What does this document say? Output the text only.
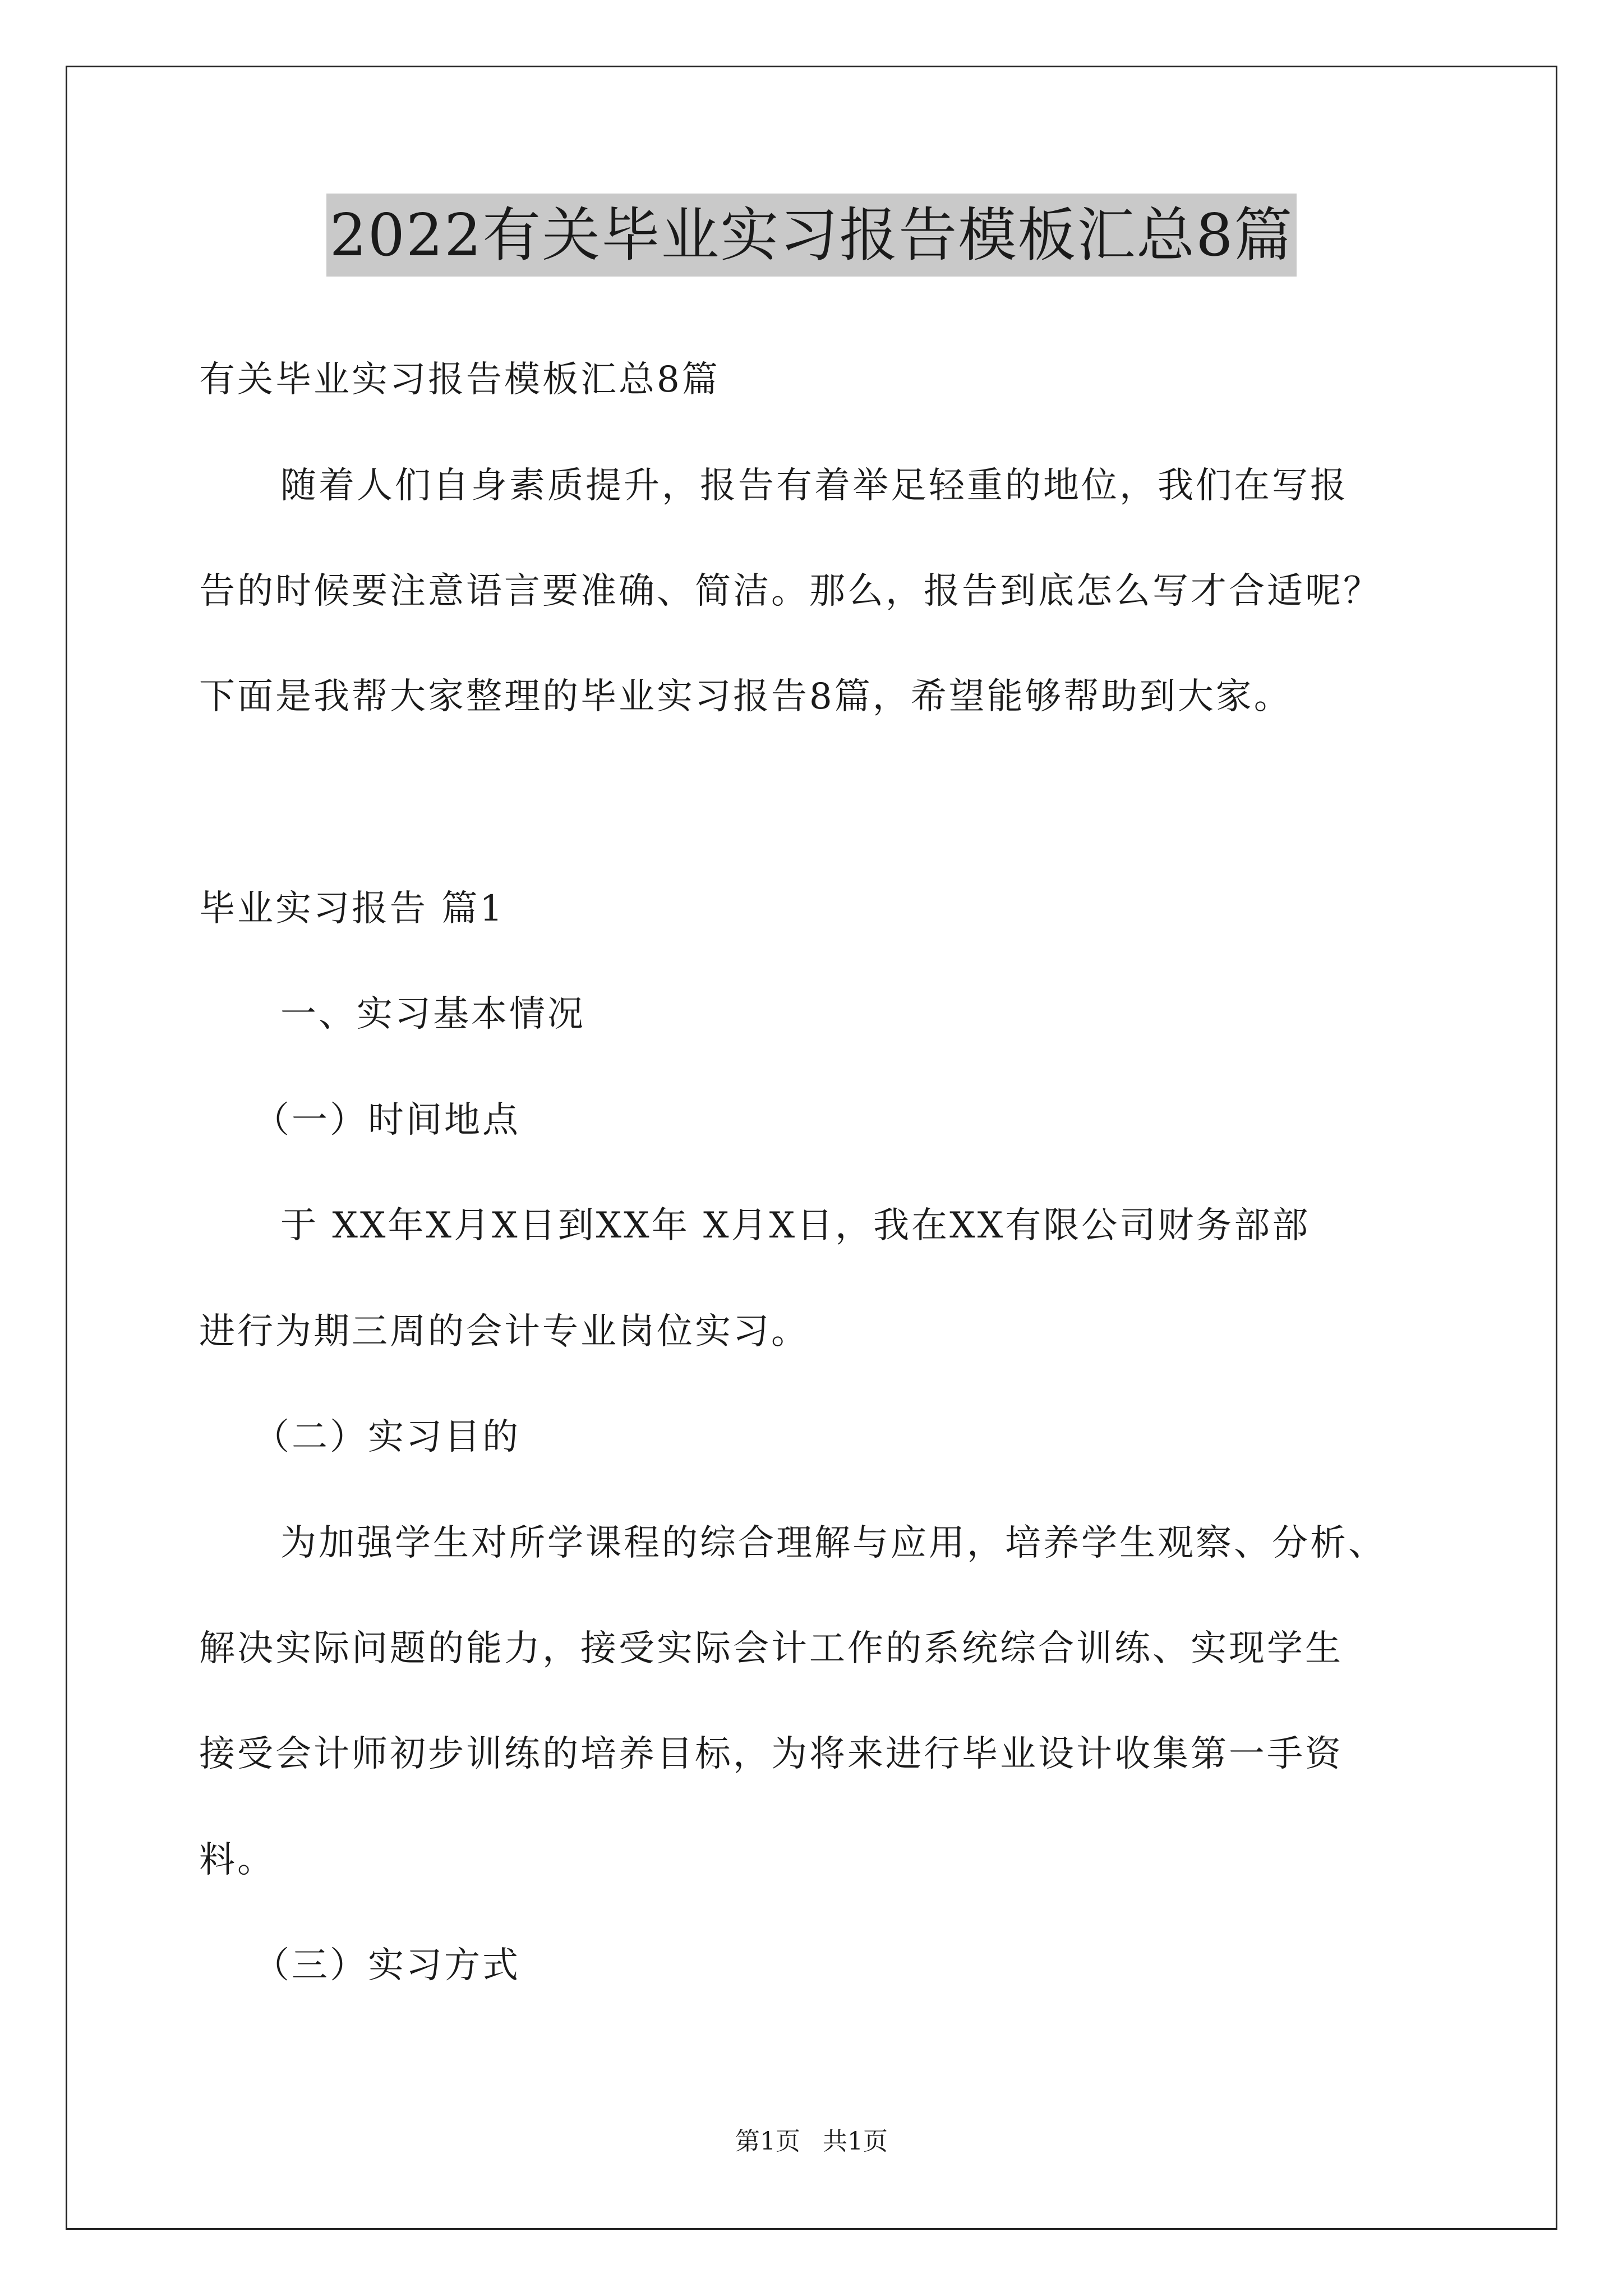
2022有关毕业实习报告模板汇总8篇
有关毕业实习报告模板汇总8篇
随着人们自身素质提升，报告有着举足轻重的地位，我们在写报
告的时候要注意语言要准确、简洁。那么，报告到底怎么写才合适呢？
下面是我帮大家整理的毕业实习报告8篇，希望能够帮助到大家。
毕业实习报告 篇1
一、实习基本情况
（一）时间地点
于 XX年X月X日到XX年 X月X日，我在XX有限公司财务部部
进行为期三周的会计专业岗位实习。
（二）实习目的
为加强学生对所学课程的综合理解与应用，培养学生观察、分析、
解决实际问题的能力，接受实际会计工作的系统综合训练、实现学生
接受会计师初步训练的培养目标，为将来进行毕业设计收集第一手资
料。
（三）实习方式
第1页 共1页
